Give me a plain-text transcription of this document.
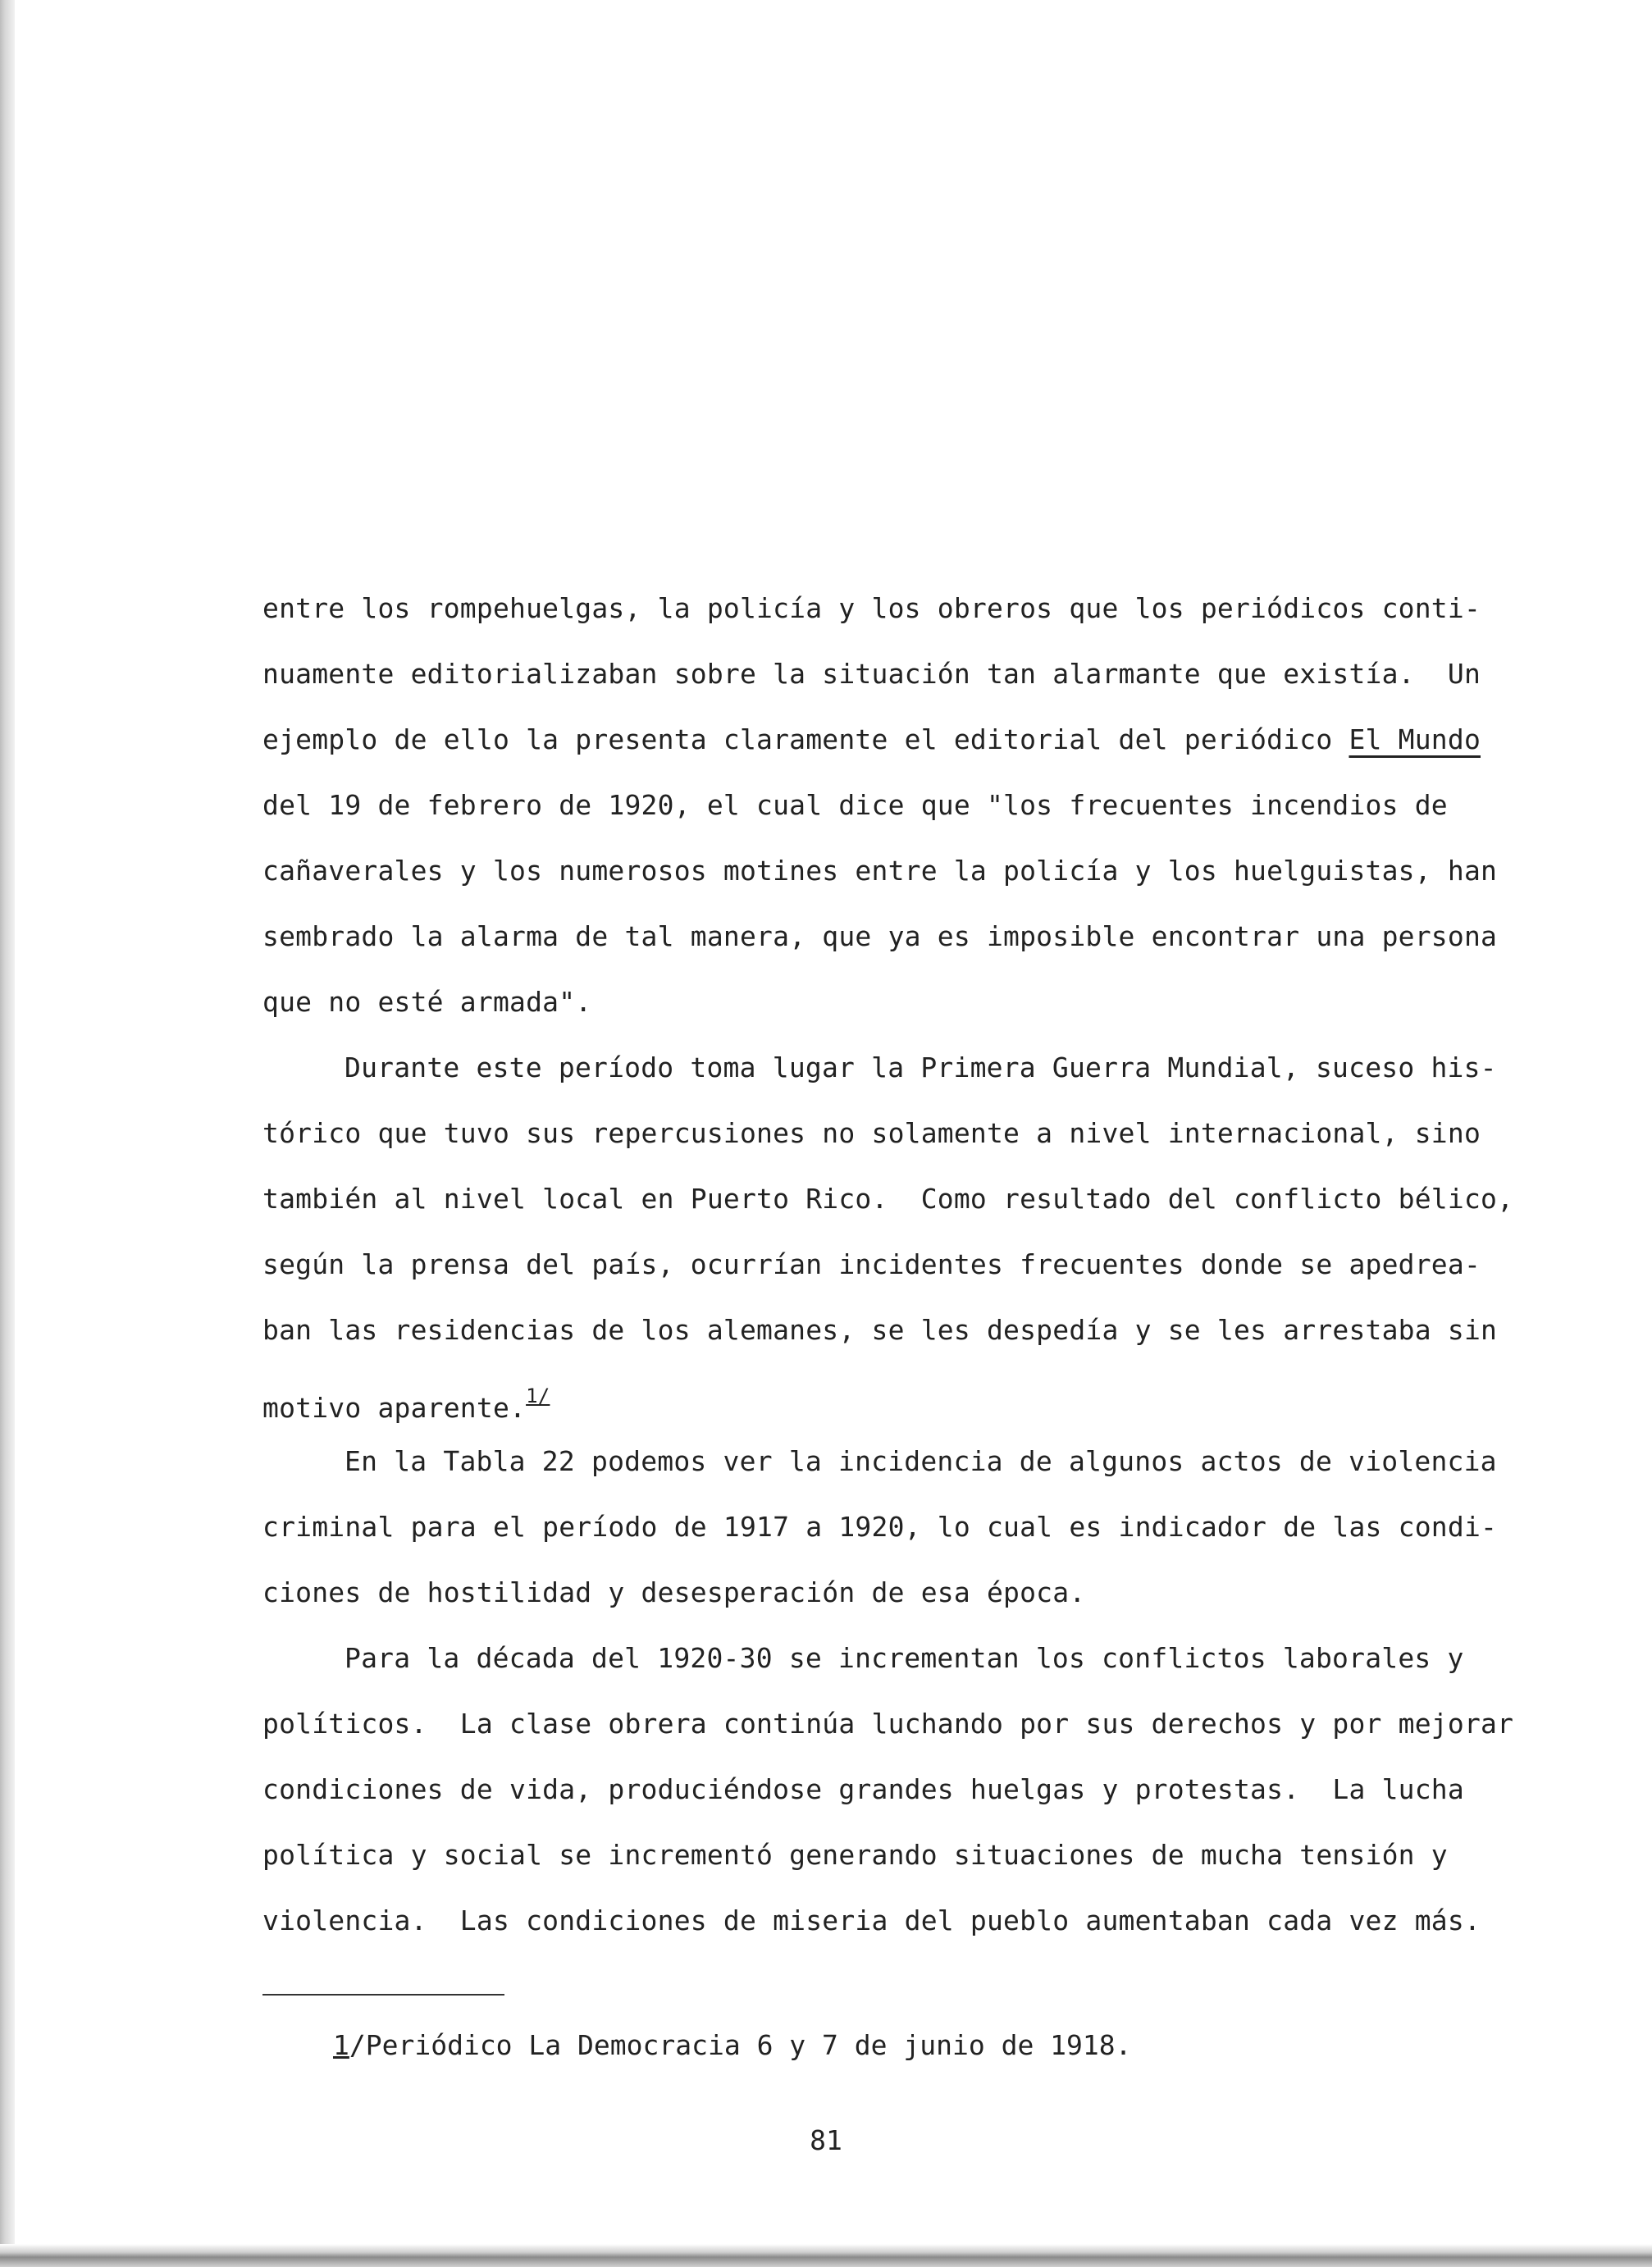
entre los rompehuelgas, la policía y los obreros que los periódicos conti-
nuamente editorializaban sobre la situación tan alarmante que existía.  Un
ejemplo de ello la presenta claramente el editorial del periódico El Mundo
del 19 de febrero de 1920, el cual dice que "los frecuentes incendios de
cañaverales y los numerosos motines entre la policía y los huelguistas, han
sembrado la alarma de tal manera, que ya es imposible encontrar una persona
que no esté armada".
Durante este período toma lugar la Primera Guerra Mundial, suceso his-
tórico que tuvo sus repercusiones no solamente a nivel internacional, sino
también al nivel local en Puerto Rico.  Como resultado del conflicto bélico,
según la prensa del país, ocurrían incidentes frecuentes donde se apedrea-
ban las residencias de los alemanes, se les despedía y se les arrestaba sin
motivo aparente.$^{1/}$
En la Tabla 22 podemos ver la incidencia de algunos actos de violencia
criminal para el período de 1917 a 1920, lo cual es indicador de las condi-
ciones de hostilidad y desesperación de esa época.
Para la década del 1920-30 se incrementan los conflictos laborales y
políticos.  La clase obrera continúa luchando por sus derechos y por mejorar
condiciones de vida, produciéndose grandes huelgas y protestas.  La lucha
política y social se incrementó generando situaciones de mucha tensión y
violencia.  Las condiciones de miseria del pueblo aumentaban cada vez más.
1/Periódico La Democracia 6 y 7 de junio de 1918.
81
